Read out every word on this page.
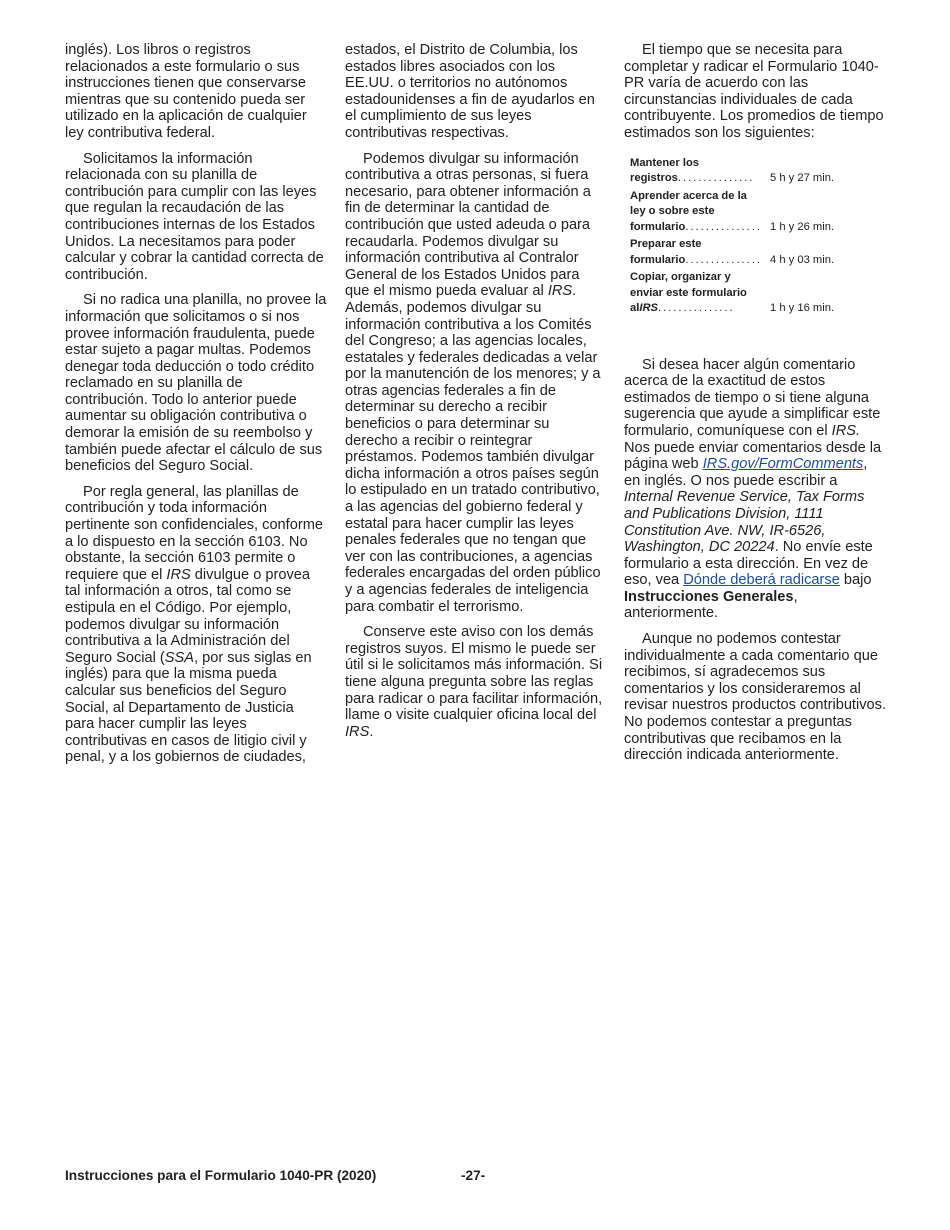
inglés). Los libros o registros relacionados a este formulario o sus instrucciones tienen que conservarse mientras que su contenido pueda ser utilizado en la aplicación de cualquier ley contributiva federal.

Solicitamos la información relacionada con su planilla de contribución para cumplir con las leyes que regulan la recaudación de las contribuciones internas de los Estados Unidos. La necesitamos para poder calcular y cobrar la cantidad correcta de contribución.

Si no radica una planilla, no provee la información que solicitamos o si nos provee información fraudulenta, puede estar sujeto a pagar multas. Podemos denegar toda deducción o todo crédito reclamado en su planilla de contribución. Todo lo anterior puede aumentar su obligación contributiva o demorar la emisión de su reembolso y también puede afectar el cálculo de sus beneficios del Seguro Social.

Por regla general, las planillas de contribución y toda información pertinente son confidenciales, conforme a lo dispuesto en la sección 6103. No obstante, la sección 6103 permite o requiere que el IRS divulgue o provea tal información a otros, tal como se estipula en el Código. Por ejemplo, podemos divulgar su información contributiva a la Administración del Seguro Social (SSA, por sus siglas en inglés) para que la misma pueda calcular sus beneficios del Seguro Social, al Departamento de Justicia para hacer cumplir las leyes contributivas en casos de litigio civil y penal, y a los gobiernos de ciudades,

estados, el Distrito de Columbia, los estados libres asociados con los EE.UU. o territorios no autónomos estadounidenses a fin de ayudarlos en el cumplimiento de sus leyes contributivas respectivas.

Podemos divulgar su información contributiva a otras personas, si fuera necesario, para obtener información a fin de determinar la cantidad de contribución que usted adeuda o para recaudarla. Podemos divulgar su información contributiva al Contralor General de los Estados Unidos para que el mismo pueda evaluar al IRS. Además, podemos divulgar su información contributiva a los Comités del Congreso; a las agencias locales, estatales y federales dedicadas a velar por la manutención de los menores; y a otras agencias federales a fin de determinar su derecho a recibir beneficios o para determinar su derecho a recibir o reintegrar préstamos. Podemos también divulgar dicha información a otros países según lo estipulado en un tratado contributivo, a las agencias del gobierno federal y estatal para hacer cumplir las leyes penales federales que no tengan que ver con las contribuciones, a agencias federales encargadas del orden público y a agencias federales de inteligencia para combatir el terrorismo.

Conserve este aviso con los demás registros suyos. El mismo le puede ser útil si le solicitamos más información. Si tiene alguna pregunta sobre las reglas para radicar o para facilitar información, llame o visite cualquier oficina local del IRS.

El tiempo que se necesita para completar y radicar el Formulario 1040-PR varía de acuerdo con las circunstancias individuales de cada contribuyente. Los promedios de tiempo estimados son los siguientes:

Mantener los
registros ...............	5 h y 27 min.
Aprender acerca de la
ley o sobre este
formulario ............... 1 h y 26 min.
Preparar este
formulario ............... 4 h y 03 min.
Copiar, organizar y
enviar este formulario
al IRS ...............	1 h y 16 min.

Si desea hacer algún comentario acerca de la exactitud de estos estimados de tiempo o si tiene alguna sugerencia que ayude a simplificar este formulario, comuníquese con el IRS. Nos puede enviar comentarios desde la página web IRS.gov/FormComments, en inglés. O nos puede escribir a Internal Revenue Service, Tax Forms and Publications Division, 1111 Constitution Ave. NW, IR-6526, Washington, DC 20224. No envíe este formulario a esta dirección. En vez de eso, vea Dónde deberá radicarse bajo Instrucciones Generales, anteriormente.

Aunque no podemos contestar individualmente a cada comentario que recibimos, sí agradecemos sus comentarios y los consideraremos al revisar nuestros productos contributivos. No podemos contestar a preguntas contributivas que recibamos en la dirección indicada anteriormente.

Instrucciones para el Formulario 1040-PR (2020)	-27-
